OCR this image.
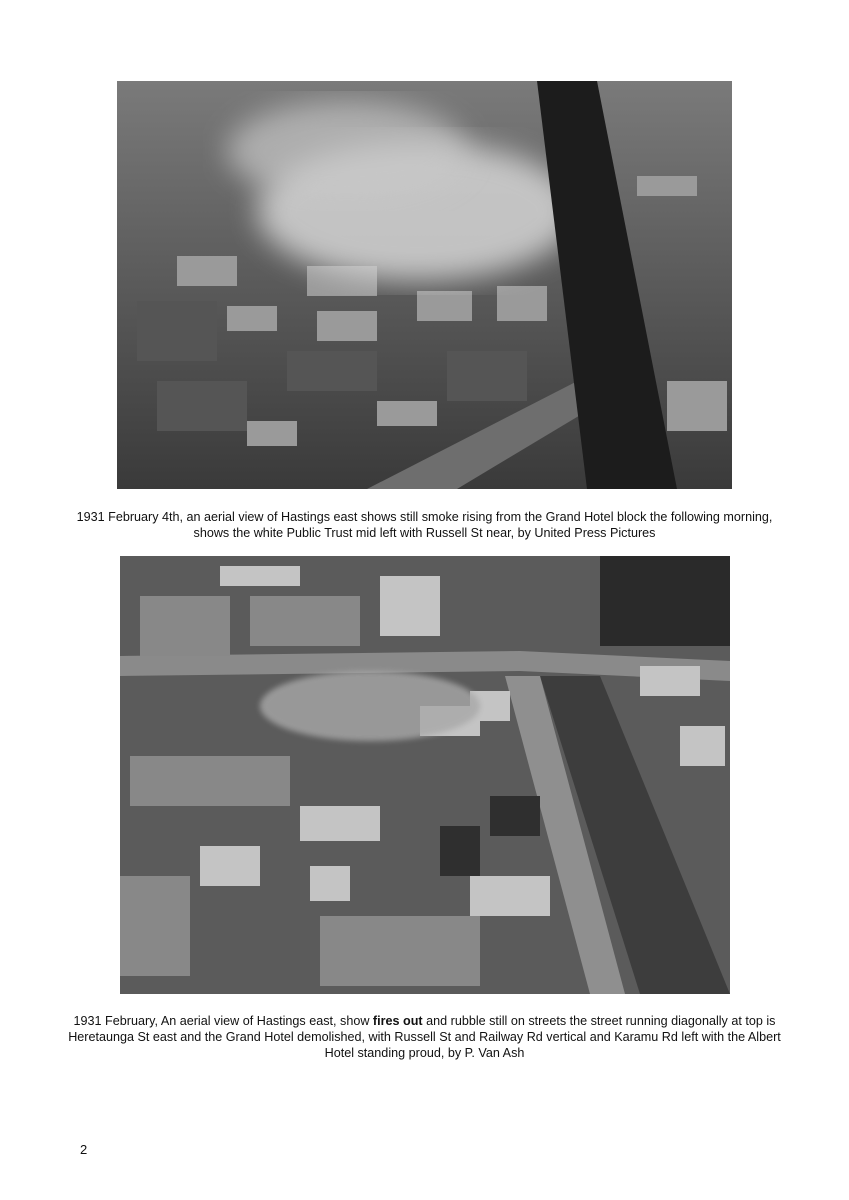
1931 February 4th, an aerial view of Hastings east shows still smoke rising from the Grand Hotel block the following morning, shows the white Public Trust mid left with Russell St near, by United Press Pictures
1931 February, An aerial view of Hastings east, show fires out and rubble still on streets the street running diagonally at top is Heretaunga St east and the Grand Hotel demolished, with Russell St and Railway Rd vertical and Karamu Rd left with the Albert Hotel standing proud, by P. Van Ash
2
